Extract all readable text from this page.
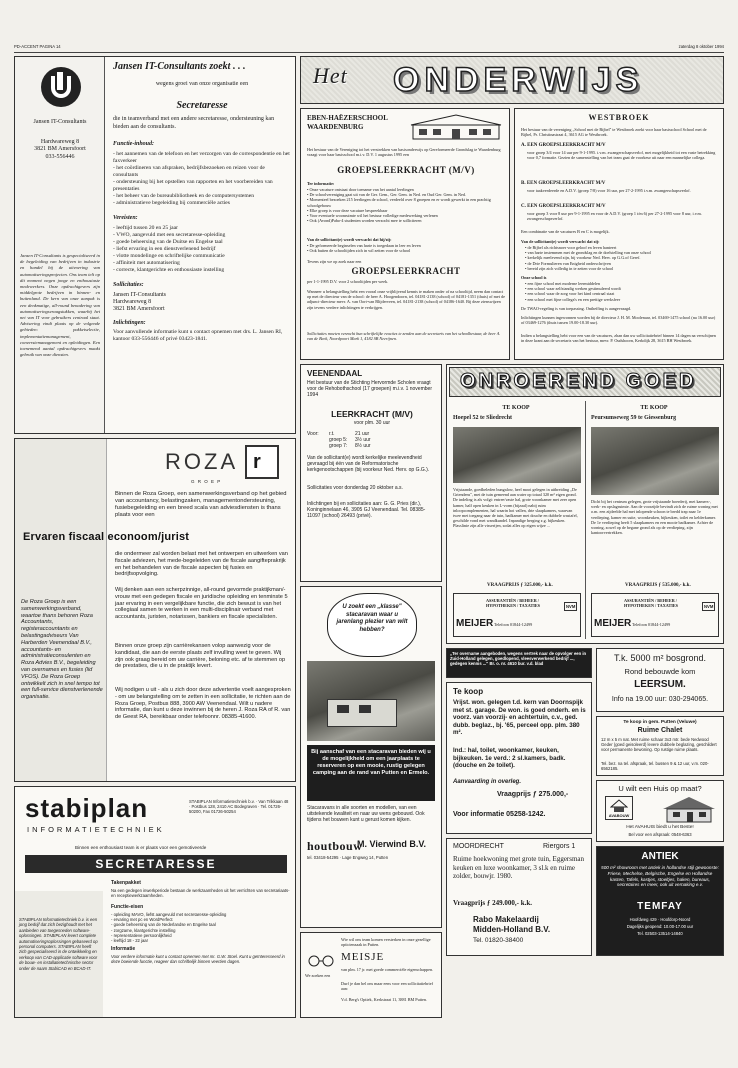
PD-ACCENT PAGINA 14	zaterdag 8 oktober 1994
Jansen IT-Consultants
Hardwareweg 8
3821 BM Amersfoort
033-556446
Jansen IT-Consultants is gespecialiseerd in de begeleiding van bedrijven in industrie en handel bij de uitvoering van automatiseringsprojecten. Ons team telt op dit moment negen jonge en enthousiaste medewerkers. Onze opdrachtgevers zijn middelgrote bedrijven in binnen- en buitenland. De kern van onze aanpak is een denkmatige, all-round benadering van automatiseringsvraagstukken, waarbij het net van IT voor gebruikers centraal staat. Advisering vindt plaats op de volgende gebieden: pakketselectie, implementatiemanagement, conversiemanagement en opleidingen. Een toenemend aantal opdrachtgevers maakt gebruik van onze diensten.
Jansen IT-Consultants zoekt . . .
wegens groei van onze organisatie een
Secretaresse
die in teamverband met een andere secretaresse, ondersteuning kan bieden aan de consultants.
Functie-inhoud:
- het aannemen van de telefoon en het verzorgen van de correspondentie en het faxverkeer
- het coördineren van afspraken, bedrijfsbezoeken en reizen voor de consultants
- ondersteuning bij het opstellen van rapporten en het voorbereiden van presentaties
- het beheer van de bureaubibliotheek en de computersystemen
- administratieve begeleiding bij commerciële acties
Vereisten:
- leeftijd tussen 20 en 25 jaar
- VWO, aangevuld met een secretaresse-opleiding
- goede beheersing van de Duitse en Engelse taal
- liefst ervaring in een dienstverlenend bedrijf
- vlotte mondelinge en schriftelijke communicatie
- affiniteit met automatisering
- correcte, klantgerichte en enthousiaste instelling
Sollicitaties:
Jansen IT-Consultants
Hardwareweg 8
3821 BM Amersfoort
Inlichtingen:
Voor aanvullende informatie kunt u contact opnemen met drs. L. Jansen RI, kantoor 033-556446 of privé 03423-1841.
Het ONDERWIJS
EBEN-HAËZERSCHOOL
WAARDENBURG
Het bestuur van de Vereniging tot het verstrekken van basisonderwijs op Gereformeerde Grondslag te Waardenburg vraagt voor haar basisschool m.i.v. D.V. 1 augustus 1995 een
GROEPSLEERKRACHT (M/V)
Ter informatie:
• Onze vacature ontstaat door toename van het aantal leerlingen
• De schoolvereniging gaat uit van de Ger. Gem., Ger. Gem. in Ned. en Oud Ger. Gem. in Ned.
• Momenteel bezoeken 215 leerlingen de school, verdeeld over 8 groepen en er wordt gewerkt in een prachtig schoolgebouw
• Elke groep is voor deze vacature bespreekbaar
• Voor eventuele woonruimte wil het bestuur volledige medewerking verlenen
• Ook (Avond)Pabo-4 studenten worden verzocht mee te solliciteren
Van de sollicitant(e) wordt verwacht dat hij/zij:
• De geformeerde beginselen van harte is toegedaan in leer en leven
• Ook buiten de schooltijden zich in wil zetten voor de school
Tevens zijn we op zoek naar een
GROEPSLEERKRACHT
per 1-1-1995 D.V. voor 2 schooltijden per week.
Wanneer u belangstelling hebt een vooral onze vrijblijvend kennis te maken onder of na schooltijd, neem dan contact op met de directeur van de school: de heer A. Hoogendoorn, tel. 04181-2138 (school) of 04181-1351 (thuis) of met de adjunct-directeur mevr. A. van Oort-van Blijderveen, tel. 04181-2138 (school) of 04186-1640. Bij deze zienswijzen zijn tevens verdere inlichtingen te verkrijgen.
Sollicitaties moeten verzocht hun schriftelijke reacties te zenden aan de secretaris van het schoolbestuur, de heer A. van de Beek, Noordpoort Mark 1, 4182 SB Neerijnen.
WESTBROEK
Het bestuur van de vereniging „School met de Bijbel" te Westbroek zoekt voor haar basisschool School met de Bijbel, Pr. Christinastraat 4, 3615 AG te Westbroek.
A. EEN GROEPSLEERKRACHT M/V
voor groep 3/4 voor 14 uur per 9-1-1995. i.v.m. zwangerschapsverlof, met mogelijkheid tot een vaste betrekking voor 0,7 formatie. Gezien de samenstelling van het team gaat de voorkeur uit naar een mannelijke collega.
B. EEN GROEPSLEERKRACHT M/V
voor taakverdeerde en A.D.V. (groep 7/8) voor 16 uur, per 27-2-1995 i.v.m. zwangerschapsverlof.
C. EEN GROEPSLEERKRACHT M/V
voor groep 3 voor 8 uur per 9-1-1995 en voor de A.D.V. (groep 1 t/m 6) per 27-2-1995 voor 8 uur, i.v.m. zwangerschapsverlof.
Een combinatie van de vacatures B en C is mogelijk.
Van de sollicitant(e) wordt verwacht dat zij:
• de Bijbel als richtsnoer voor geloof en leven hanteert
• van harte instemmen met de grondslag en de doelstelling van onze school
• kerkelijk meelevend zijn, bij voorkeur Ned. Herv. op G.G.of Geref.
• de Drie Formulieren van Enigheid onderschrijven
• bereid zijn zich volledig in te zetten voor de school
Onze school is
• een fijne school met moderne leermiddelen
• een school waar zelfstandig werken gestimuleerd wordt
• een school waar de zorg voor het kind centraal staat
• een school met fijne collega's en een prettige werksfeer
De TWAO-regeling is van toepassing. Ontheffing is aangevraagd.
Inlichtingen kunnen ingewonnen worden bij de directeur J. H. M. Moolenaar, tel. 03469-1475 school (na 16.00 uur) of 03469-1276 (thuis tussen 19.00-18.30 uur).
Indien u belangstelling hebt voor een van de vacatures, zhan dan uw sollicitatiebrief binnen 14 dagen na verschijnen in deze krant aan de secretaris van het bestuur, mevr. P. Oudshoorn, Kerkdijk 28, 3615 BH Westbroek.
ROZA r
G R O E P
Binnen de Roza Groep, een samenwerkingsverband op het gebied van accountancy, belastingzaken, managementondersteuning, fusiebegeleiding en een breed scala van adviesdiensten is thans plaats voor een
Ervaren fiscaal econoom/jurist
die ondermeer zal worden belast met het ontwerpen en uitwerken van fiscale adviezen, het mede-begeleiden van de fiscale aangifteprakrijk en het behandelen van de fiscale aspecten bij fusies en bedrijfsopvolging.
Wij denken aan een scherpzinnige, all-round gevormde praktijkman/-vrouw met een gedegen fiscale en juridische opleiding en tenminste 5 jaar ervaring in een vergelijkbare functie, die zich bewust is van het collegiaal samen te werken in een multi-disciplinair verband met accountants, juristen, notarissen, bankiers en fiscale specialisten.
Binnen onze groep zijn carrièrekansen volop aanwezig voor de kandidaat, die aan de eerste plaats zelf invulling weet te geven. Wij zijn ook graag bereid om uw carrière, beloning etc. af te stemmen op de prestaties, die u in de praktijk levert.
Wij nodigen u uit - als u zich door deze advertentie voelt aangesproken - om uw belangstelling om te zetten in een sollicitatie, te richten aan de Roza Groep, Postbus 888, 3900 AW Veenendaal. Wilt u nadere informatie, dan kunt u deze inwinnen bij de heren J. Roza RA of R. van de Geest RA, bereikbaar onder telefoonnr. 08385-41600.
De Roza Groep is een samenwerkingsverband, waartoe thans behoren Roza Accountants, registeraccountants en belastingadviseurs Van Harberden Veenendaal B.V., accountants- en administratieconsulenten en Roza Advies B.V., begeleiding van overnames en fusies (lid VFOS). De Roza Groep ontwikkelt zich in snel tempo tot een full-service dienstverlenende organisatie.
VEENENDAAL
Het bestuur van de Stichting Hervormde Scholen vraagt voor de Rehobothschool (17 groepen) m.i.v. 1 november 1994
LEERKRACHT (M/V)
voor plm. 30 uur
Voor: r.t.	21 uur
groep 5: 3½ uur
groep 7: 8½ uur
Van de sollicitant(e) wordt kerkelijke meelevendheid gevraagd bij één van de Reformatorische kerkgenootschappen (bij voorkeur Ned. Herv. op G.G.).
Sollicitaties voor donderdag 20 oktober a.s.
Inlichtingen bij en sollicitaties aan: G. G. Pries (dir.), Koninginnelaan 46, 3905 GJ Veenendaal. Tel. 08385-11097 (school) 26493 (privé).
U zoekt een „klasse" stacaravan waar u jarenlang plezier van wilt hebben?
Bij aanschaf van een stacaravan bieden wij u de mogelijkheid om een jaarplaats te reserveren op een mooie, rustig gelegen camping aan de rand van Putten en Ermelo.
Stacaravans in alle soorten en modellen, van een uitstekende kwaliteit en naar uw wens gebouwd. Ook tijdens het bouwen kunt u gerust komen kijken.
houtbouw
M. Vierwind B.V.
tel. 03418-54295 · Lage Engweg 14, Putten
ONROEREND GOED
TE KOOP
Hoepel 52 te Sliedrecht
Vrijstaande, goedbeleden bungalow, heel mooi gelegen in uitbreiding „De Griendens", met de tuin gemeend aan water op totaal 320 m² eigen grond. De indeling is als volgt: entree/vaste hal, grote woonkamer met zeer open kamer, half open keuken in L-vorm (bijzaal) nabij ruim inloopcomplementen, hal waarin hoi vallen, drie slaapkamers, waarvan twee met toegang naar de tuin, badkamer met douche en dubbele wastafel, geschilde vond met wandkundel. Inpandige berging z.g. bijkeuken. Plasslinie zijn alle visserijen, sodat alles op eigen wijze ...
VRAAGPRIJS ƒ 325.000,- k.k.
TE KOOP
Peursumseweg 59 te Giessenburg
Dicht bij het centrum gelegen, grote vrijstaande boerderij, met kamers-, werk- en opslagruimte. Aan de voorzijde bevindt zich de ruime woning met o.m. een zijdeelde hal met inlopende schoon te bredd trap naar 1e verdieping, kamer en suite, woonkeuken, bijkeuken, toilet en kelderkamer. De 1e verdieping heeft 5 slaapkamers en een mooie badkamer. Achter de woning, zowel op de begane grond als op de verdieping, zijn kantoorvertrekken.
VRAAGPRIJS ƒ 535.000,- k.k.
MEIJER
ASSURANTIËN / BEHEER / HYPOTHEKEN / TAXATIES
Telefoon 01844-12499
NVM
MEIJER
ASSURANTIËN / BEHEER / HYPOTHEKEN / TAXATIES
Telefoon 01844-12499
NVM
„Ter overname aangeboden, wegens vertrek naar de opvolger een in Zuid-Holland gelegen, goedlopend, vleesverwerkend bedrijf ..., gedegen kennis ..." Br. o. nr. 4610 bur. v.d. blad
Te koop
Vrijst. won. gelegen t.d. kern van Doornspijk met st. garage. De won. is goed onderh. en is voorz. van voorzij- en achtertuin, c.v., ged. dubb. beglaz., bj. '65, perceel opp. plm. 380 m².
Ind.: hal, toilet, woonkamer, keuken, bijkeuken. 1e verd.: 2 sl.kamers, badk. (douche en 2e toilet).
Aanvaarding in overleg.
Vraagprijs ƒ 275.000,-
Voor informatie 05258-1242.
T.k. 5000 m² bosgrond.
Rond bebouwde kom
LEERSUM.
Info na 19.00 uur: 030-294065.
Te koop in gem. Putten (Veluwe)
Ruime Chalet
12 m x 5 m nat. Met ruime schaar 3x3 mtr. bede Nedwood Geder (goed geisoleerd) levere dubbele beglazing, geschildert voor permanente bewoning. Op rustige ruime plaats.
Tel. bez. na tel. afspraak, tel. bussen 9 & 12 uur, v.m. 020-6562185.
U wilt een Huis op maat?
AVABOUW
Het AVAHUIS biedt u het Beste!
Bel voor een afspraak: 0548-6363
ANTIEK
500 m² showroom met antiek in hollandse stijl gewoonste: Friese, Mechelse, Belgische, Engelse en Hollandse kasten, Tafels, kastjes, stoeltjes, haken, bureaus, secretaires en meer, ook uit vernaking e.v.
TEMFAY
Hoofdweg 429 · Hoofdorp-Noord
Dagelijks geopend: 10.00-17.00 uur
Tel. 02503-13514-14840
MOORDRECHT	Riergors 1
Ruime hoekwoning met grote tuin, Eggersman keuken en luxe woonkamer, 3 sl.k en ruime zolder, bouwjr. 1980.
Vraagprijs ƒ 249.000,- k.k.
Rabo Makelaardij
Midden-Holland B.V.
Tel. 01820-38400
We zoeken een
Wie wil ons team komen versterken in onze gezellige opticienzaak in Putten.
MEISJE
van plm. 17 jr. met goede commerciële eigenschappen.
Durf je dan bel ons maar eens voor een sollicitatiebrief aan:
V.d. Berg's Optiek, Kerkstraat 11, 3881 BM Putten.
stabiplan
INFORMATIETECHNIEK
STABIPLAN Informatietechniek b.v. · Van Trikkaan 48 · Postbus 128, 2410 AC Bodegraven · Tel. 01726-50200, Fax 01726-50254
Binnen een enthousiast team is er plaats voor een gemotiveerde
SECRETARESSE
STABIPLAN Informatietechniek b.v. is een jong bedrijf dat zich bezighoudt met het aanbieden van toegesneden software-oplossingen. STABIPLAN levert complete automatiseringsoplossingen gebaseerd op personal computers. STABIPLAN heeft zich gespecialiseerd in de ontwikkeling en verkoop van CAD-applicatie software voor de bouw- en installatietechnische sector onder de naam StabiCAD en BCAD-IT.
Takenpakket
Na een gedegen inwerkperiode bestaan de werkzaamheden uit het verrichten van secretariaats- en receptiewerkzaamheden.
Functie-eisen
- opleiding MAVO, liefst aangevuld met secretaresse-opleiding
- ervaring met pc en WordPerfect
- goede beheersing van de Nederlandse en Engelse taal
- zorgzame, klantgerichte instelling
- representatieve persoonlijkheid
- leeftijd 18 - 22 jaar
Informatie
Voor verdere informatie kunt u contact opnemen met mr. G.W. Stoel. Kunt u geïnteresseerd in deze boeiende functie, reageer dan schriftelijk binnen veertien dagen.
